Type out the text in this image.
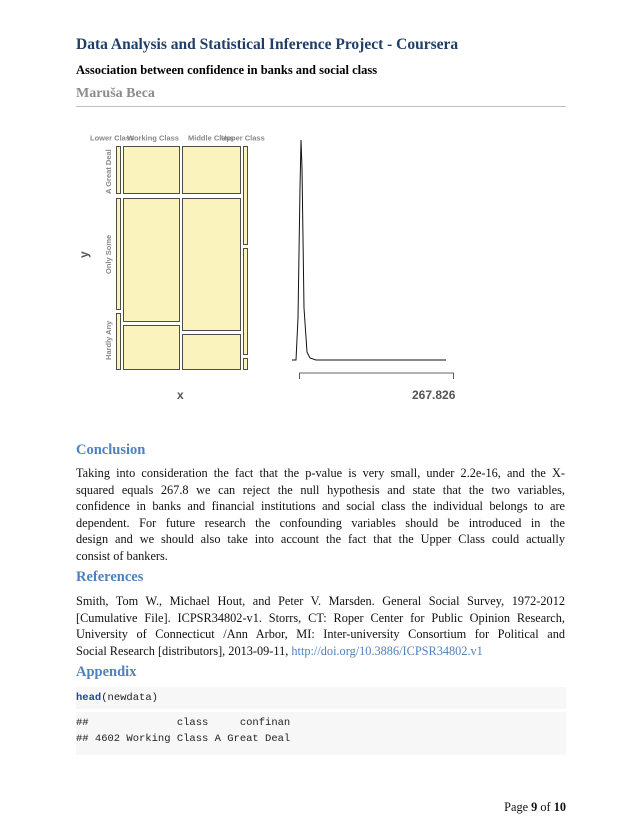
Data Analysis and Statistical Inference Project - Coursera
Association between confidence in banks and social class
Maruša Beca
Lower Class
Working Class Middle Class
Upper Class
A Great Deal
Only Some
Hardly Any
y
x	267.826
Conclusion
Taking into consideration the fact that the p-value is very small, under 2.2e-16, and the X-
squared equals 267.8 we can reject the null hypothesis and state that the two variables,
confidence in banks and financial institutions and social class the individual belongs to are
dependent. For future research the confounding variables should be introduced in the
design and we should also take into account the fact that the Upper Class could actually
consist of bankers.
References
Smith, Tom W., Michael Hout, and Peter V. Marsden. General Social Survey, 1972-2012
[Cumulative File]. ICPSR34802-v1. Storrs, CT: Roper Center for Public Opinion Research,
University of Connecticut /Ann Arbor, MI: Inter-university Consortium for Political and
Social Research [distributors], 2013-09-11, http://doi.org/10.3886/ICPSR34802.v1
Appendix
head(newdata)
##              class     confinan
## 4602 Working Class A Great Deal
Page 9 of 10
